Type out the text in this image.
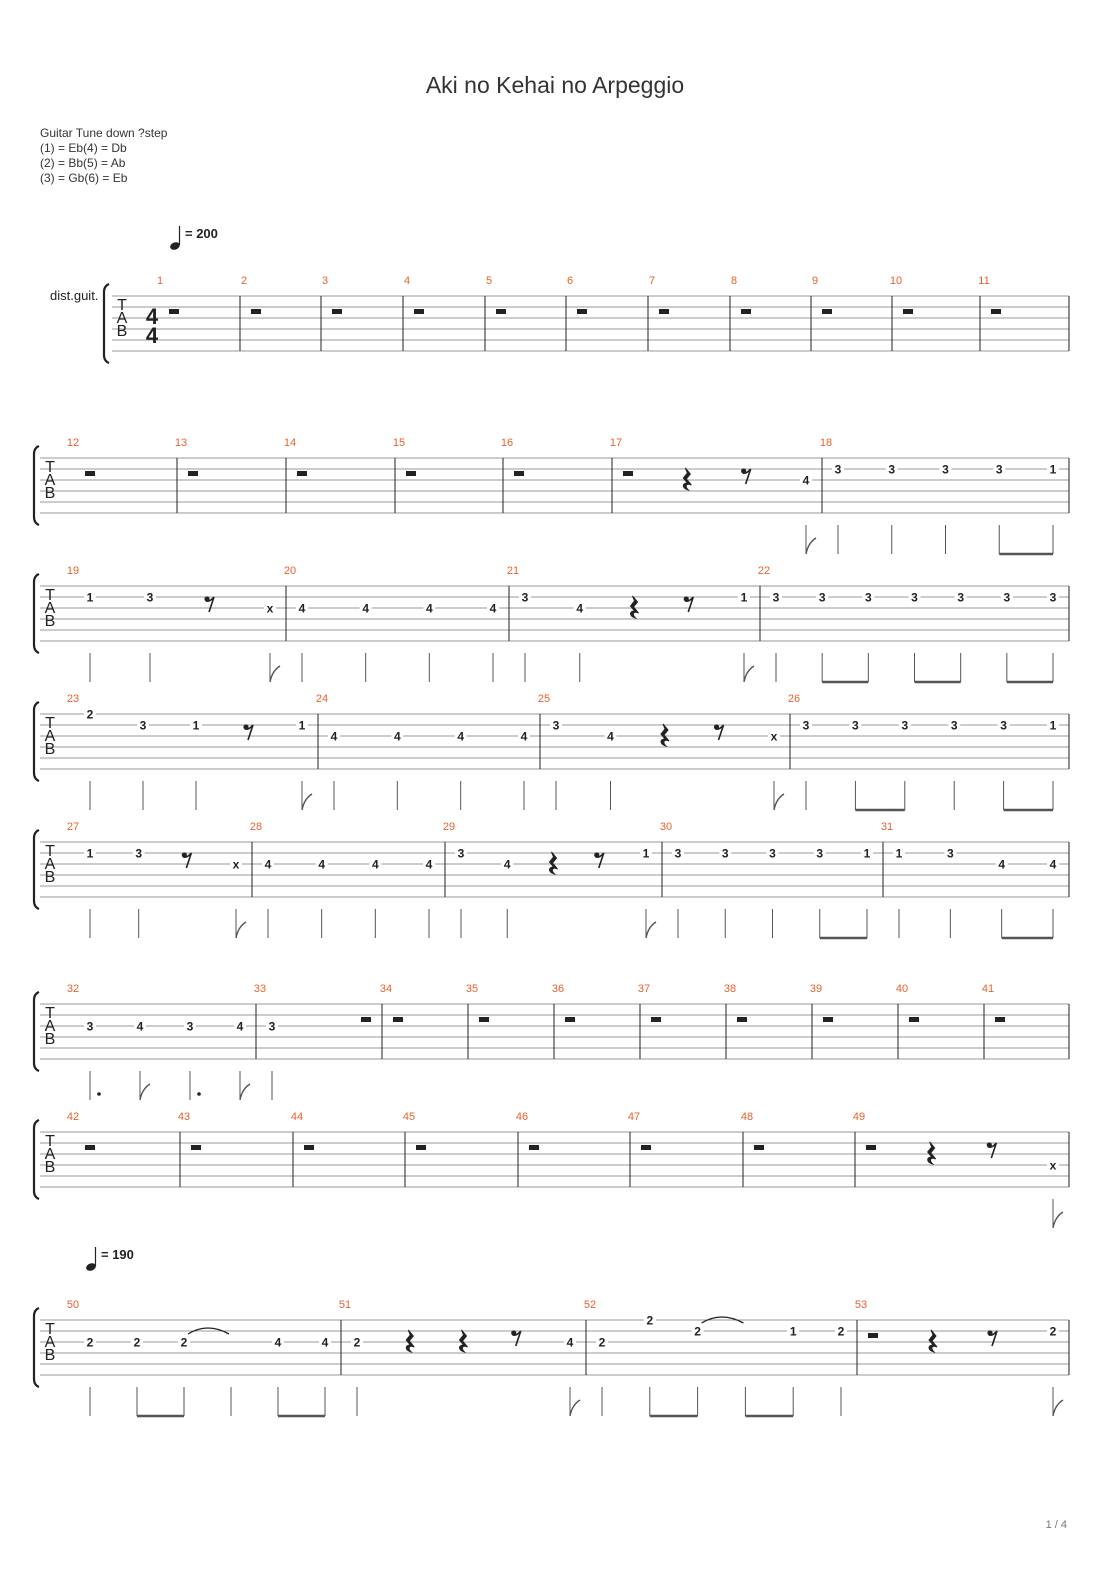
Aki no Kehai no Arpeggio
Guitar Tune down ?step
(1) = Eb(4) = Db
(2) = Bb(5) = Ab
(3) = Gb(6) = Eb
dist.guit.
T
A
B
4
4
1	2	3	4	5	6	7	8	9	10	11
T
A
B
12	13	14	15	16	17
4
18
3	3	3	3	1
T
A
B
19
1	3
x
20
4	4	4	4
21
3
4
1
22
3	3	3	3	3	3	3
T
A
B
23
2
3	1	1
24
4	4	4	4
25
3
4	x
26
3	3	3	3	3	1
T
A
B
27
1	3
x
28
4	4	4	4
29
3
4
1
30
3	3	3	3	1
31
1	3
4	4
T
A
B
32
3	4	3	4
33
3
34	35	36	37	38	39	40	41
T
A
B
42	43	44	45	46	47	48	49
x
T
A
B
50
2	2	2	4	4
51
2	4
52
2
2
2	1	2
53
2
= 200
= 190
1 / 4
